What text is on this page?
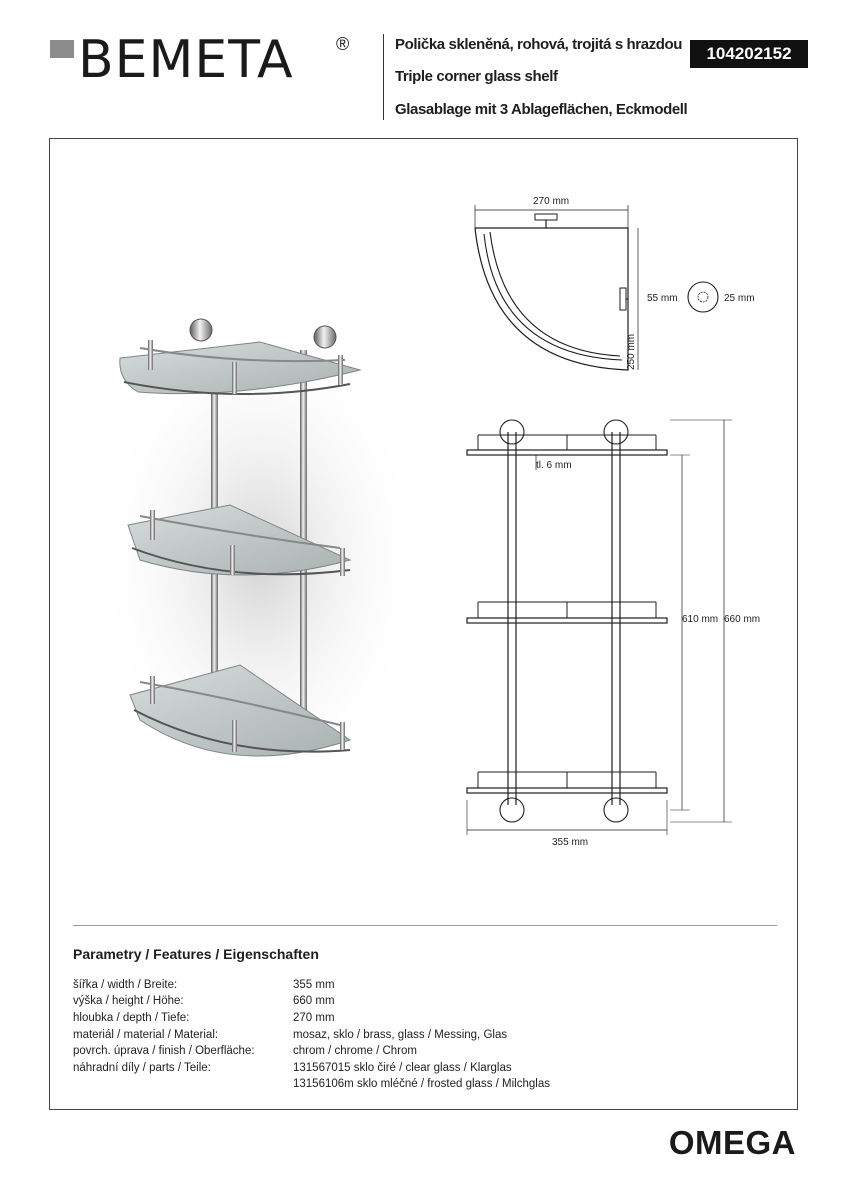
BEMETA ®	Polička skleněná, rohová, trojitá s hrazdou
Triple corner glass shelf
Glasablage mit 3 Ablageflächen, Eckmodell
104202152
270 mm
250 mm
55 mm	25 mm
tl. 6 mm
610 mm 660 mm
355 mm
Parametry / Features / Eigenschaften
šířka / width / Breite:	355 mm
výška / height / Höhe:	660 mm
hloubka / depth / Tiefe:	270 mm
materiál / material / Material:	mosaz, sklo / brass, glass / Messing, Glas
povrch. úprava / finish / Oberfläche:	chrom / chrome / Chrom
náhradní díly / parts / Teile:	131567015 sklo čiré / clear glass / Klarglas
13156106m sklo mléčné / frosted glass / Milchglas
OMEGA
